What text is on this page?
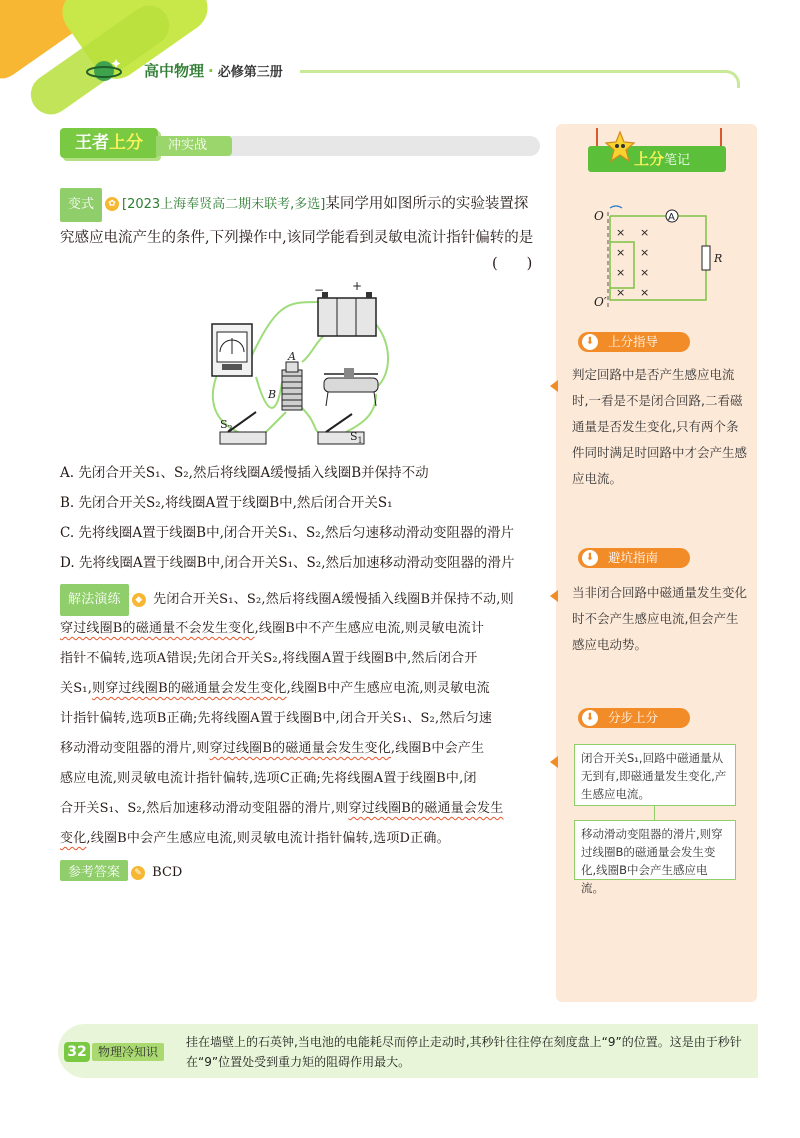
高中物理 · 必修第三册
王者上分	冲实战
变式 ✿ [2023上海奉贤高二期末联考,多选]某同学用如图所示的实验装置探究感应电流产生的条件,下列操作中,该同学能看到灵敏电流计指针偏转的是
(　　)
− +
A
B
$S_2$
$S_1$
A. 先闭合开关S₁、S₂,然后将线圈A缓慢插入线圈B并保持不动
B. 先闭合开关S₂,将线圈A置于线圈B中,然后闭合开关S₁
C. 先将线圈A置于线圈B中,闭合开关S₁、S₂,然后匀速移动滑动变阻器的滑片
D. 先将线圈A置于线圈B中,闭合开关S₁、S₂,然后加速移动滑动变阻器的滑片
解法演练 ◆ 先闭合开关S₁、S₂,然后将线圈A缓慢插入线圈B并保持不动,则
穿过线圈B的磁通量不会发生变化,线圈B中不产生感应电流,则灵敏电流计
指针不偏转,选项A错误;先闭合开关S₂,将线圈A置于线圈B中,然后闭合开
关S₁,则穿过线圈B的磁通量会发生变化,线圈B中产生感应电流,则灵敏电流
计指针偏转,选项B正确;先将线圈A置于线圈B中,闭合开关S₁、S₂,然后匀速
移动滑动变阻器的滑片,则穿过线圈B的磁通量会发生变化,线圈B中会产生
感应电流,则灵敏电流计指针偏转,选项C正确;先将线圈A置于线圈B中,闭
合开关S₁、S₂,然后加速移动滑动变阻器的滑片,则穿过线圈B的磁通量会发生
变化,线圈B中会产生感应电流,则灵敏电流计指针偏转,选项D正确。
参考答案 ✎ BCD
上分笔记
O
O′
A
R
× ×
× ×
× ×
× ×
⬇	上分指导
判定回路中是否产生感应电流时,一看是不是闭合回路,二看磁通量是否发生变化,只有两个条件同时满足时回路中才会产生感应电流。
⬇	避坑指南
当非闭合回路中磁通量发生变化时不会产生感应电流,但会产生感应电动势。
⬇	分步上分
闭合开关S₁,回路中磁通量从无到有,即磁通量发生变化,产生感应电流。
移动滑动变阻器的滑片,则穿过线圈B的磁通量会发生变化,线圈B中会产生感应电流。
32 物理冷知识
挂在墙壁上的石英钟,当电池的电能耗尽而停止走动时,其秒针往往停在刻度盘上“9”的位置。这是由于秒针在“9”位置处受到重力矩的阻碍作用最大。
